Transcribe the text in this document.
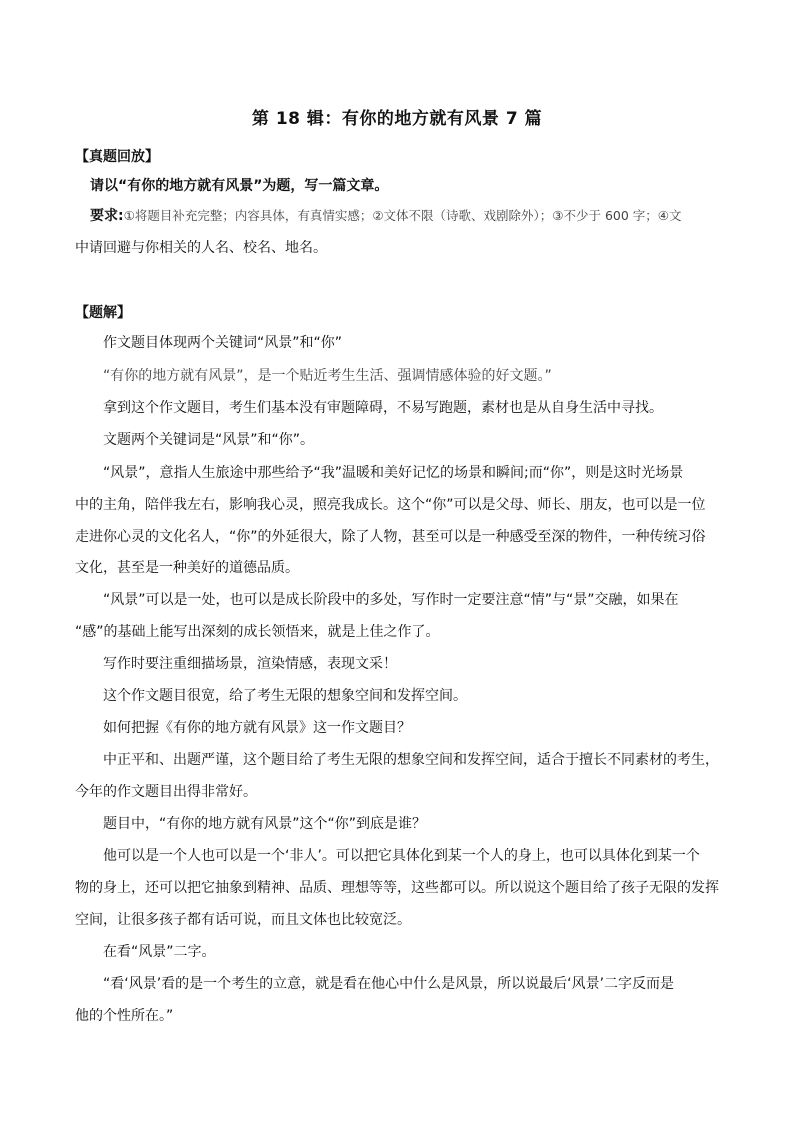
第 18 辑：有你的地方就有风景 7 篇
【真题回放】
请以“有你的地方就有风景”为题，写一篇文章。
要求:①将题目补充完整；内容具体，有真情实感；②文体不限（诗歌、戏剧除外）；③不少于 600 字；④文
中请回避与你相关的人名、校名、地名。
【题解】
作文题目体现两个关键词“风景”和“你”
“有你的地方就有风景”，是一个贴近考生生活、强调情感体验的好文题。”
拿到这个作文题目，考生们基本没有审题障碍，不易写跑题，素材也是从自身生活中寻找。
文题两个关键词是“风景”和“你”。
“风景”，意指人生旅途中那些给予“我”温暖和美好记忆的场景和瞬间;而“你”，则是这时光场景
中的主角，陪伴我左右，影响我心灵，照亮我成长。这个“你”可以是父母、师长、朋友，也可以是一位
走进你心灵的文化名人，“你”的外延很大，除了人物，甚至可以是一种感受至深的物件，一种传统习俗
文化，甚至是一种美好的道德品质。
“风景”可以是一处，也可以是成长阶段中的多处，写作时一定要注意“情”与“景”交融，如果在
“感”的基础上能写出深刻的成长领悟来，就是上佳之作了。
写作时要注重细描场景，渲染情感，表现文采！
这个作文题目很宽，给了考生无限的想象空间和发挥空间。
如何把握《有你的地方就有风景》这一作文题目？
中正平和、出题严谨，这个题目给了考生无限的想象空间和发挥空间，适合于擅长不同素材的考生，
今年的作文题目出得非常好。
题目中，“有你的地方就有风景”这个“你”到底是谁？
他可以是一个人也可以是一个‘非人’。可以把它具体化到某一个人的身上，也可以具体化到某一个
物的身上，还可以把它抽象到精神、品质、理想等等，这些都可以。所以说这个题目给了孩子无限的发挥
空间，让很多孩子都有话可说，而且文体也比较宽泛。
在看“风景”二字。
“看‘风景’看的是一个考生的立意，就是看在他心中什么是风景，所以说最后‘风景’二字反而是
他的个性所在。”
